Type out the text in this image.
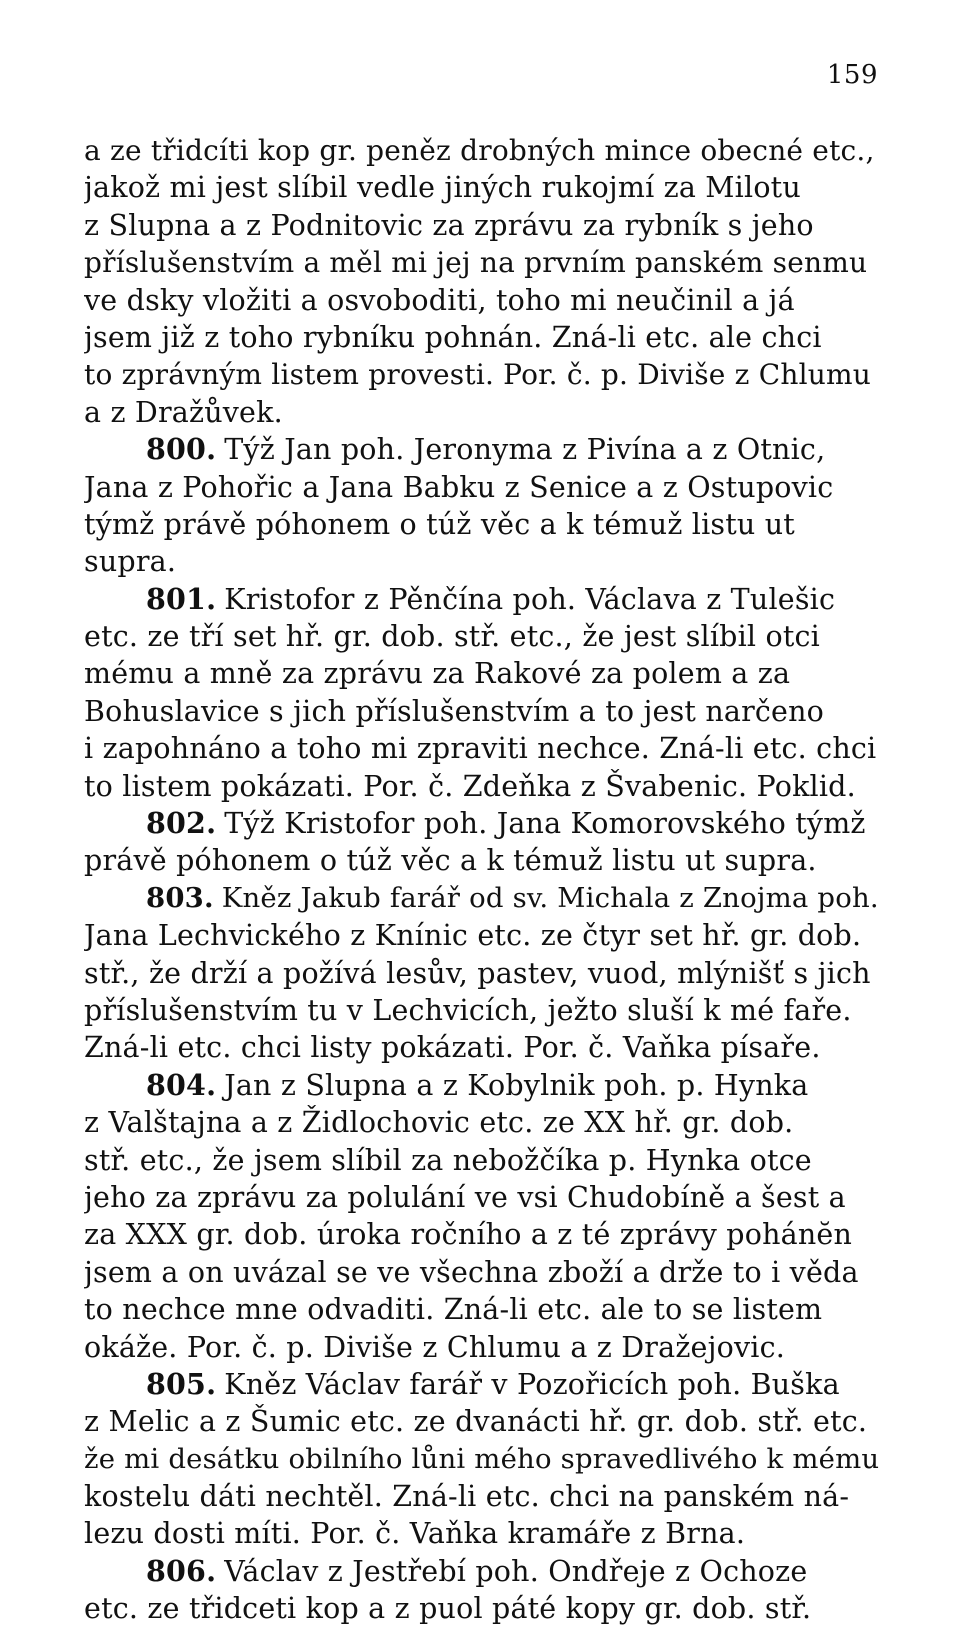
159
a ze třidcíti kop gr. peněz drobných mince obecné etc.,
jakož mi jest slíbil vedle jiných rukojmí za Milotu
z Slupna a z Podnitovic za zprávu za rybník s jeho
příslušenstvím a měl mi jej na prvním panském senmu
ve dsky vložiti a osvoboditi, toho mi neučinil a já
jsem již z toho rybníku pohnán. Zná-li etc. ale chci
to zprávným listem provesti. Por. č. p. Diviše z Chlumu
a z Dražůvek.
800. Týž Jan poh. Jeronyma z Pivína a z Otnic,
Jana z Pohořic a Jana Babku z Senice a z Ostupovic
týmž právě póhonem o túž věc a k témuž listu ut
supra.
801. Kristofor z Pěnčína poh. Václava z Tulešic
etc. ze tří set hř. gr. dob. stř. etc., že jest slíbil otci
mému a mně za zprávu za Rakové za polem a za
Bohuslavice s jich příslušenstvím a to jest narčeno
i zapohnáno a toho mi zpraviti nechce. Zná-li etc. chci
to listem pokázati. Por. č. Zdeňka z Švabenic. Poklid.
802. Týž Kristofor poh. Jana Komorovského týmž
právě póhonem o túž věc a k témuž listu ut supra.
803. Kněz Jakub farář od sv. Michala z Znojma poh.
Jana Lechvického z Knínic etc. ze čtyr set hř. gr. dob.
stř., že drží a požívá lesův, pastev, vuod, mlýnišť s jich
příslušenstvím tu v Lechvicích, ježto sluší k mé faře.
Zná-li etc. chci listy pokázati. Por. č. Vaňka písaře.
804. Jan z Slupna a z Kobylnik poh. p. Hynka
z Valštajna a z Židlochovic etc. ze XX hř. gr. dob.
stř. etc., že jsem slíbil za nebožčíka p. Hynka otce
jeho za zprávu za polulání ve vsi Chudobíně a šest a
za XXX gr. dob. úroka ročního a z té zprávy pohánĕn
jsem a on uvázal se ve všechna zboží a drže to i věda
to nechce mne odvaditi. Zná-li etc. ale to se listem
okáže. Por. č. p. Diviše z Chlumu a z Dražejovic.
805. Kněz Václav farář v Pozořicích poh. Buška
z Melic a z Šumic etc. ze dvanácti hř. gr. dob. stř. etc.
že mi desátku obilního lůni mého spravedlivého k mému
kostelu dáti nechtěl. Zná-li etc. chci na panském ná-
lezu dosti míti. Por. č. Vaňka kramáře z Brna.
806. Václav z Jestřebí poh. Ondřeje z Ochoze
etc. ze třidceti kop a z puol páté kopy gr. dob. stř.
